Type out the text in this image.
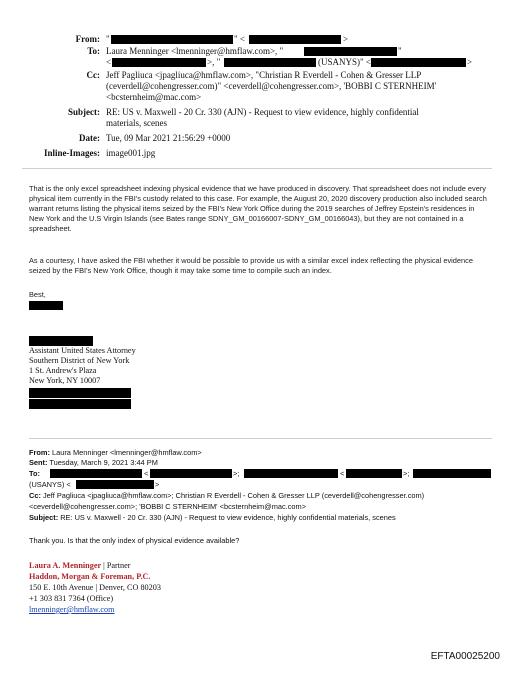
From: "	" <	>
To: Laura Menninger <lmenninger@hmflaw.com>, "	"
<	>, "	(USANYS)" <	>
Cc: Jeff Pagliuca <jpagliuca@hmflaw.com>, "Christian R Everdell - Cohen & Gresser LLP
(ceverdell@cohengresser.com)" <ceverdell@cohengresser.com>, 'BOBBI C STERNHEIM'
<bcsternheim@mac.com>
Subject: RE: US v. Maxwell - 20 Cr. 330 (AJN) - Request to view evidence, highly confidential
materials, scenes
Date: Tue, 09 Mar 2021 21:56:29 +0000
Inline-Images: image001.jpg

That is the only excel spreadsheet indexing physical evidence that we have produced in discovery. That spreadsheet does not include every physical item currently in the FBI's custody related to this case. For example, the August 20, 2020 discovery production also included search warrant returns listing the physical items seized by the FBI's New York Office during the 2019 searches of Jeffrey Epstein's residences in New York and the U.S Virgin Islands (see Bates range SDNY_GM_00166007-SDNY_GM_00166043), but they are not contained in a spreadsheet.

As a courtesy, I have asked the FBI whether it would be possible to provide us with a similar excel index reflecting the physical evidence seized by the FBI's New York Office, though it may take some time to compile such an index.

Best,

Assistant United States Attorney
Southern District of New York
1 St. Andrew's Plaza
New York, NY 10007
From: Laura Menninger <lmenninger@hmflaw.com>
Sent: Tuesday, March 9, 2021 3:44 PM
To:	<	>;	<	>;
(USANYS) <	>
Cc: Jeff Pagliuca <jpagliuca@hmflaw.com>; Christian R Everdell - Cohen & Gresser LLP (ceverdell@cohengresser.com)
<ceverdell@cohengresser.com>; 'BOBBI C STERNHEIM' <bcsternheim@mac.com>
Subject: RE: US v. Maxwell - 20 Cr. 330 (AJN) - Request to view evidence, highly confidential materials, scenes
Thank you. Is that the only index of physical evidence available?
Laura A. Menninger | Partner
Haddon, Morgan & Foreman, P.C.
150 E. 10th Avenue | Denver, CO 80203
+1 303 831 7364 (Office)
lmenninger@hmflaw.com
EFTA00025200
